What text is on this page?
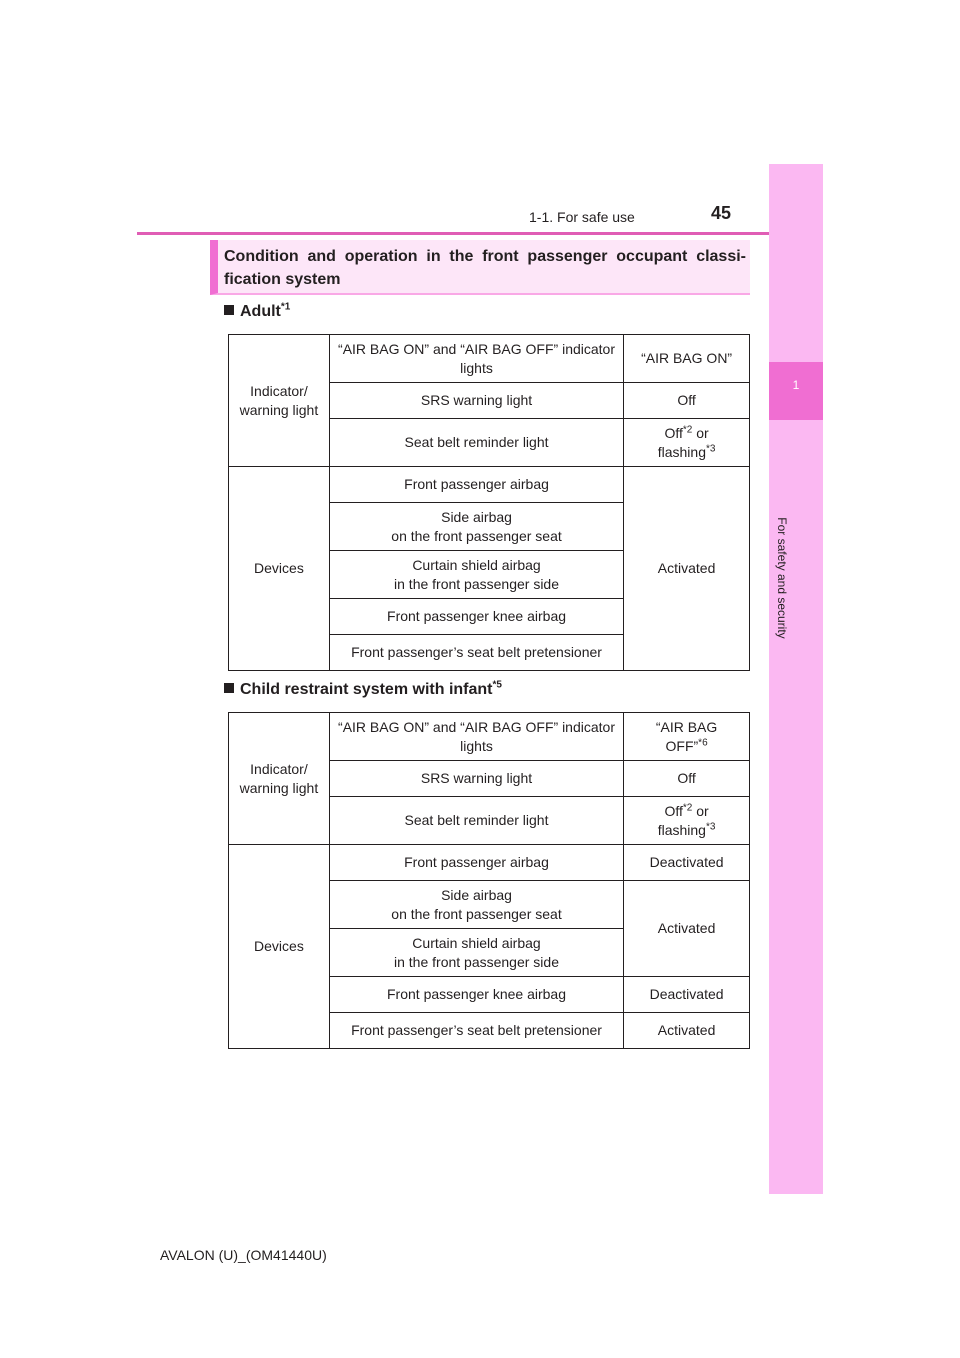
1-1. For safe use	45
1
For safety and security
Condition and operation in the front passenger occupant classi-fication system
Adult$^{*1}$
Indicator/ warning light	“AIR BAG ON” and “AIR BAG OFF” indicator lights	“AIR BAG ON”
	SRS warning light	Off
	Seat belt reminder light	Off$^{*2}$ or
flashing$^{*3}$
Devices	Front passenger airbag	Activated
	Side airbag
on the front passenger seat	
	Curtain shield airbag
in the front passenger side	
	Front passenger knee airbag	
	Front passenger’s seat belt pretensioner	
Child restraint system with infant$^{*5}$
Indicator/ warning light	“AIR BAG ON” and “AIR BAG OFF” indicator lights	“AIR BAG
OFF”$^{*6}$
	SRS warning light	Off
	Seat belt reminder light	Off$^{*2}$ or
flashing$^{*3}$
Devices	Front passenger airbag	Deactivated
	Side airbag
on the front passenger seat	Activated
	Curtain shield airbag
in the front passenger side	
	Front passenger knee airbag	Deactivated
	Front passenger’s seat belt pretensioner	Activated
AVALON (U)_(OM41440U)
